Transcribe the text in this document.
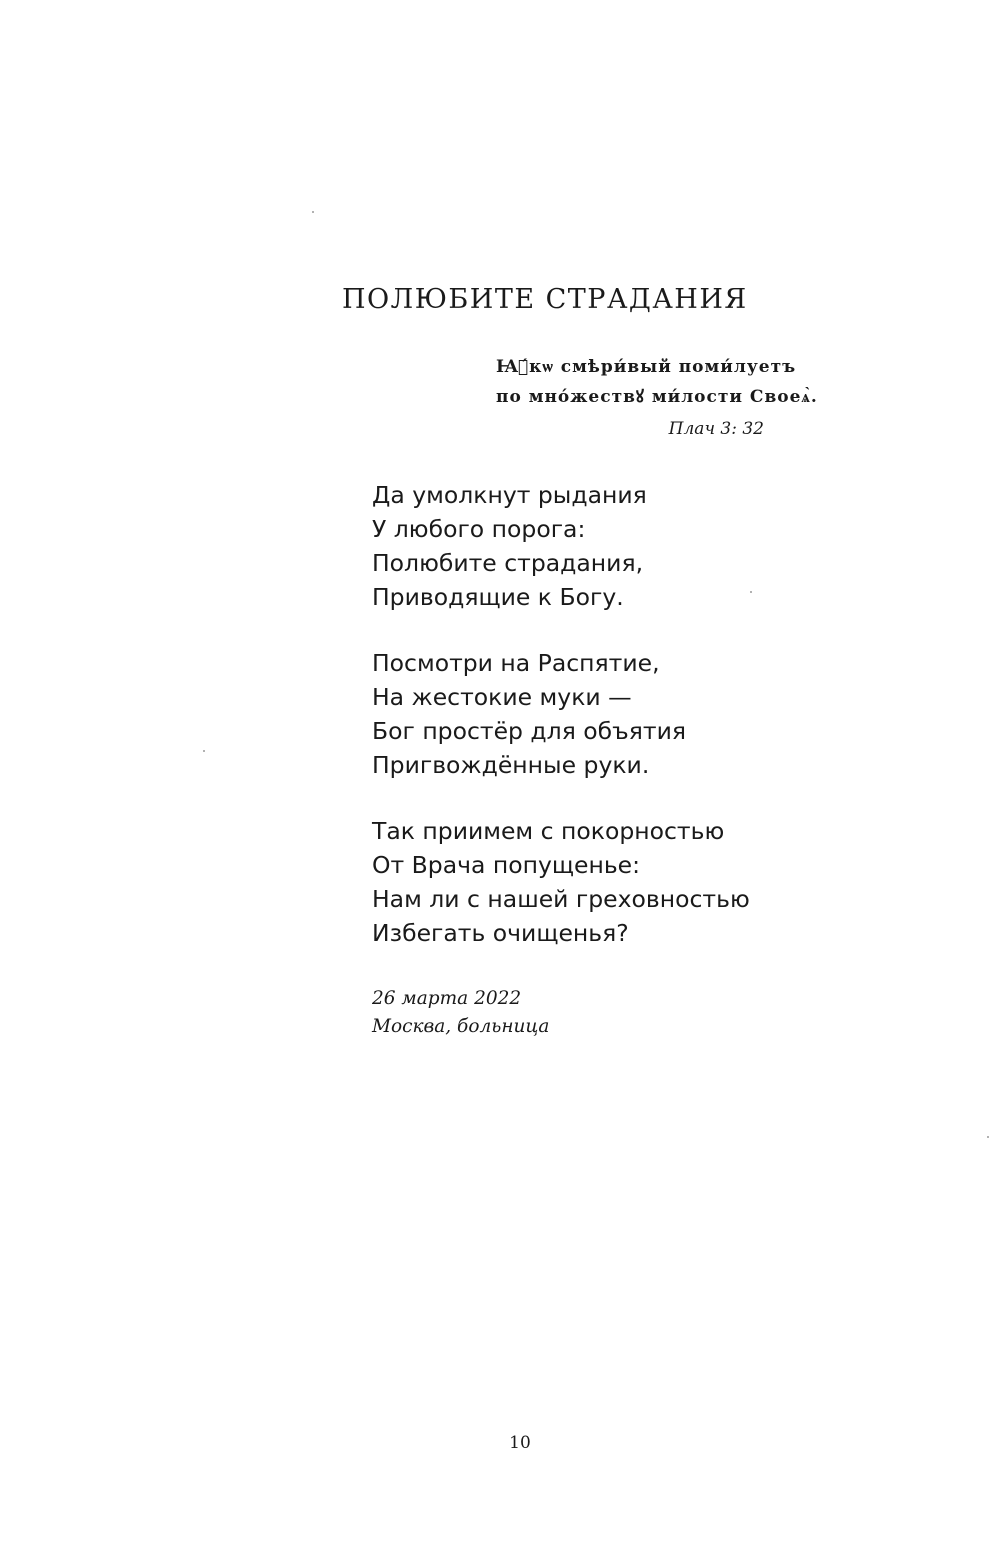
ПОЛЮБИТЕ СТРАДАНИЯ
Ꙗ҆́кѡ смѣри́вый поми́луетъ
по мно́жествꙋ ми́лости Своеѧ̀.
Плач 3: 32
Да умолкнут рыдания
У любого порога:
Полюбите страдания,
Приводящие к Богу.
Посмотри на Распятие,
На жестокие муки —
Бог простёр для объятия
Пригвождённые руки.
Так приимем с покорностью
От Врача попущенье:
Нам ли с нашей греховностью
Избегать очищенья?
26 марта 2022
Москва, больница
10
